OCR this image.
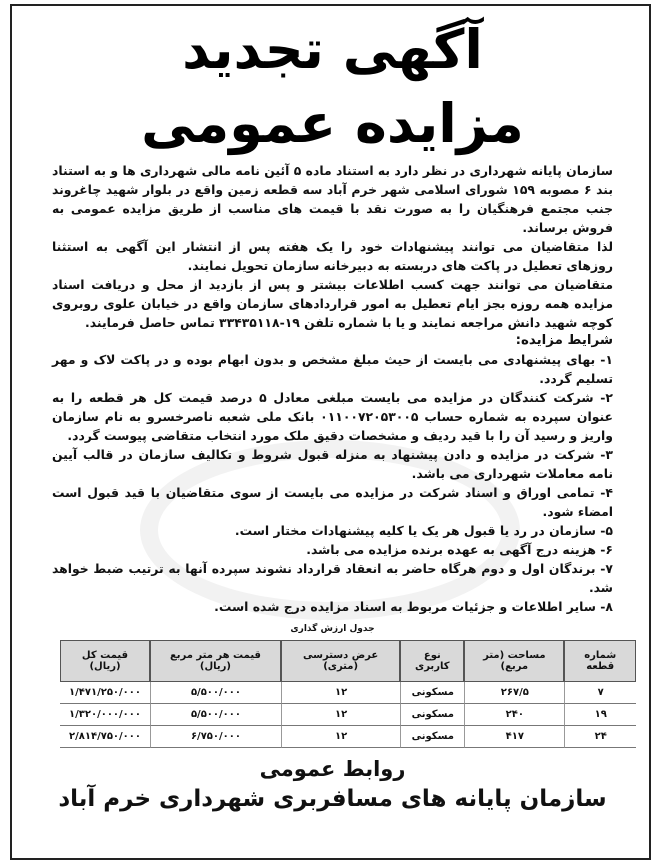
آگهی تجدید
مزایده عمومی

سازمان پایانه شهرداری در نظر دارد به استناد ماده ۵ آئین نامه مالی شهرداری ها و به استناد بند ۶ مصوبه ۱۵۹ شورای اسلامی شهر خرم آباد سه قطعه زمین واقع در بلوار شهید چاغروند جنب مجتمع فرهنگیان را به صورت نقد با قیمت های مناسب از طریق مزایده عمومی به فروش برساند.

لذا متقاضیان می توانند پیشنهادات خود را یک هفته پس از انتشار این آگهی به استثنا روزهای تعطیل در پاکت های دربسته به دبیرخانه سازمان تحویل نمایند.

متقاضیان می توانند جهت کسب اطلاعات بیشتر و پس از بازدید از محل و دریافت اسناد مزایده همه روزه بجز ایام تعطیل به امور قراردادهای سازمان واقع در خیابان علوی روبروی کوچه شهید دانش مراجعه نمایند و یا با شماره تلفن ۱۹-۳۳۴۳۵۱۱۸ تماس حاصل فرمایند.

شرایط مزایده:

۱- بهای پیشنهادی می بایست از حیث مبلغ مشخص و بدون ابهام بوده و در پاکت لاک و مهر تسلیم گردد.

۲- شرکت کنندگان در مزایده می بایست مبلغی معادل ۵ درصد قیمت کل هر قطعه را به عنوان سپرده به شماره حساب ۰۱۱۰۰۷۲۰۵۳۰۰۵ بانک ملی شعبه ناصرخسرو به نام سازمان واریز و رسید آن را با قید ردیف و مشخصات دقیق ملک مورد انتخاب متقاضی پیوست گردد.

۳- شرکت در مزایده و دادن پیشنهاد به منزله قبول شروط و تکالیف سازمان در قالب آیین نامه معاملات شهرداری می باشد.

۴- تمامی اوراق و اسناد شرکت در مزایده می بایست از سوی متقاضیان با قید قبول است امضاء شود.

۵- سازمان در رد یا قبول هر یک یا کلیه پیشنهادات مختار است.

۶- هزینه درج آگهی به عهده برنده مزایده می باشد.

۷- برندگان اول و دوم هرگاه حاضر به انعقاد قرارداد نشوند سپرده آنها به ترتیب ضبط خواهد شد.

۸- سایر اطلاعات و جزئیات مربوط به اسناد مزایده درج شده است.

جدول ارزش گذاری
شماره قطعه	مساحت (متر مربع)	نوع کاربری	عرض دسترسی (متری)	قیمت هر متر مربع (ریال)	قیمت کل (ریال)
۷	۲۶۷/۵	مسکونی	۱۲	۵/۵۰۰/۰۰۰	۱/۴۷۱/۲۵۰/۰۰۰
۱۹	۲۴۰	مسکونی	۱۲	۵/۵۰۰/۰۰۰	۱/۳۲۰/۰۰۰/۰۰۰
۲۴	۴۱۷	مسکونی	۱۲	۶/۷۵۰/۰۰۰	۲/۸۱۴/۷۵۰/۰۰۰
روابط عمومی
سازمان پایانه های مسافربری شهرداری خرم آباد
